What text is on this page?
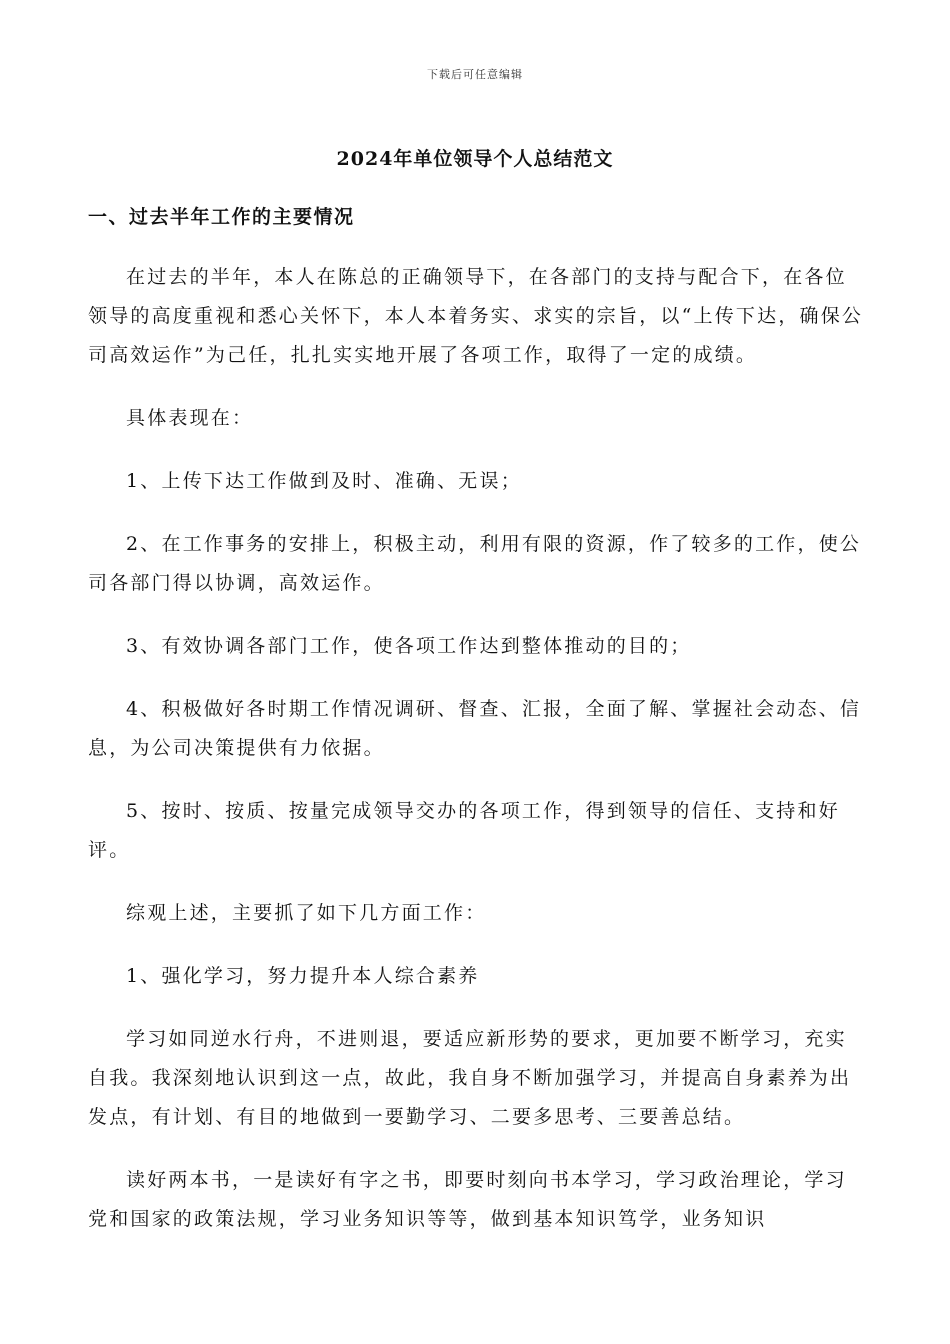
下载后可任意编辑
2024年单位领导个人总结范文
一、过去半年工作的主要情况

在过去的半年，本人在陈总的正确领导下，在各部门的支持与配合下，在各位领导的高度重视和悉心关怀下，本人本着务实、求实的宗旨，以“上传下达，确保公司高效运作”为己任，扎扎实实地开展了各项工作，取得了一定的成绩。

具体表现在：

1、上传下达工作做到及时、准确、无误；

2、在工作事务的安排上，积极主动，利用有限的资源，作了较多的工作，使公司各部门得以协调，高效运作。

3、有效协调各部门工作，使各项工作达到整体推动的目的；

4、积极做好各时期工作情况调研、督查、汇报，全面了解、掌握社会动态、信息，为公司决策提供有力依据。

5、按时、按质、按量完成领导交办的各项工作，得到领导的信任、支持和好评。

综观上述，主要抓了如下几方面工作：

1、强化学习，努力提升本人综合素养

学习如同逆水行舟，不进则退，要适应新形势的要求，更加要不断学习，充实自我。我深刻地认识到这一点，故此，我自身不断加强学习，并提高自身素养为出发点，有计划、有目的地做到一要勤学习、二要多思考、三要善总结。

读好两本书，一是读好有字之书，即要时刻向书本学习，学习政治理论，学习党和国家的政策法规，学习业务知识等等，做到基本知识笃学，业务知识
